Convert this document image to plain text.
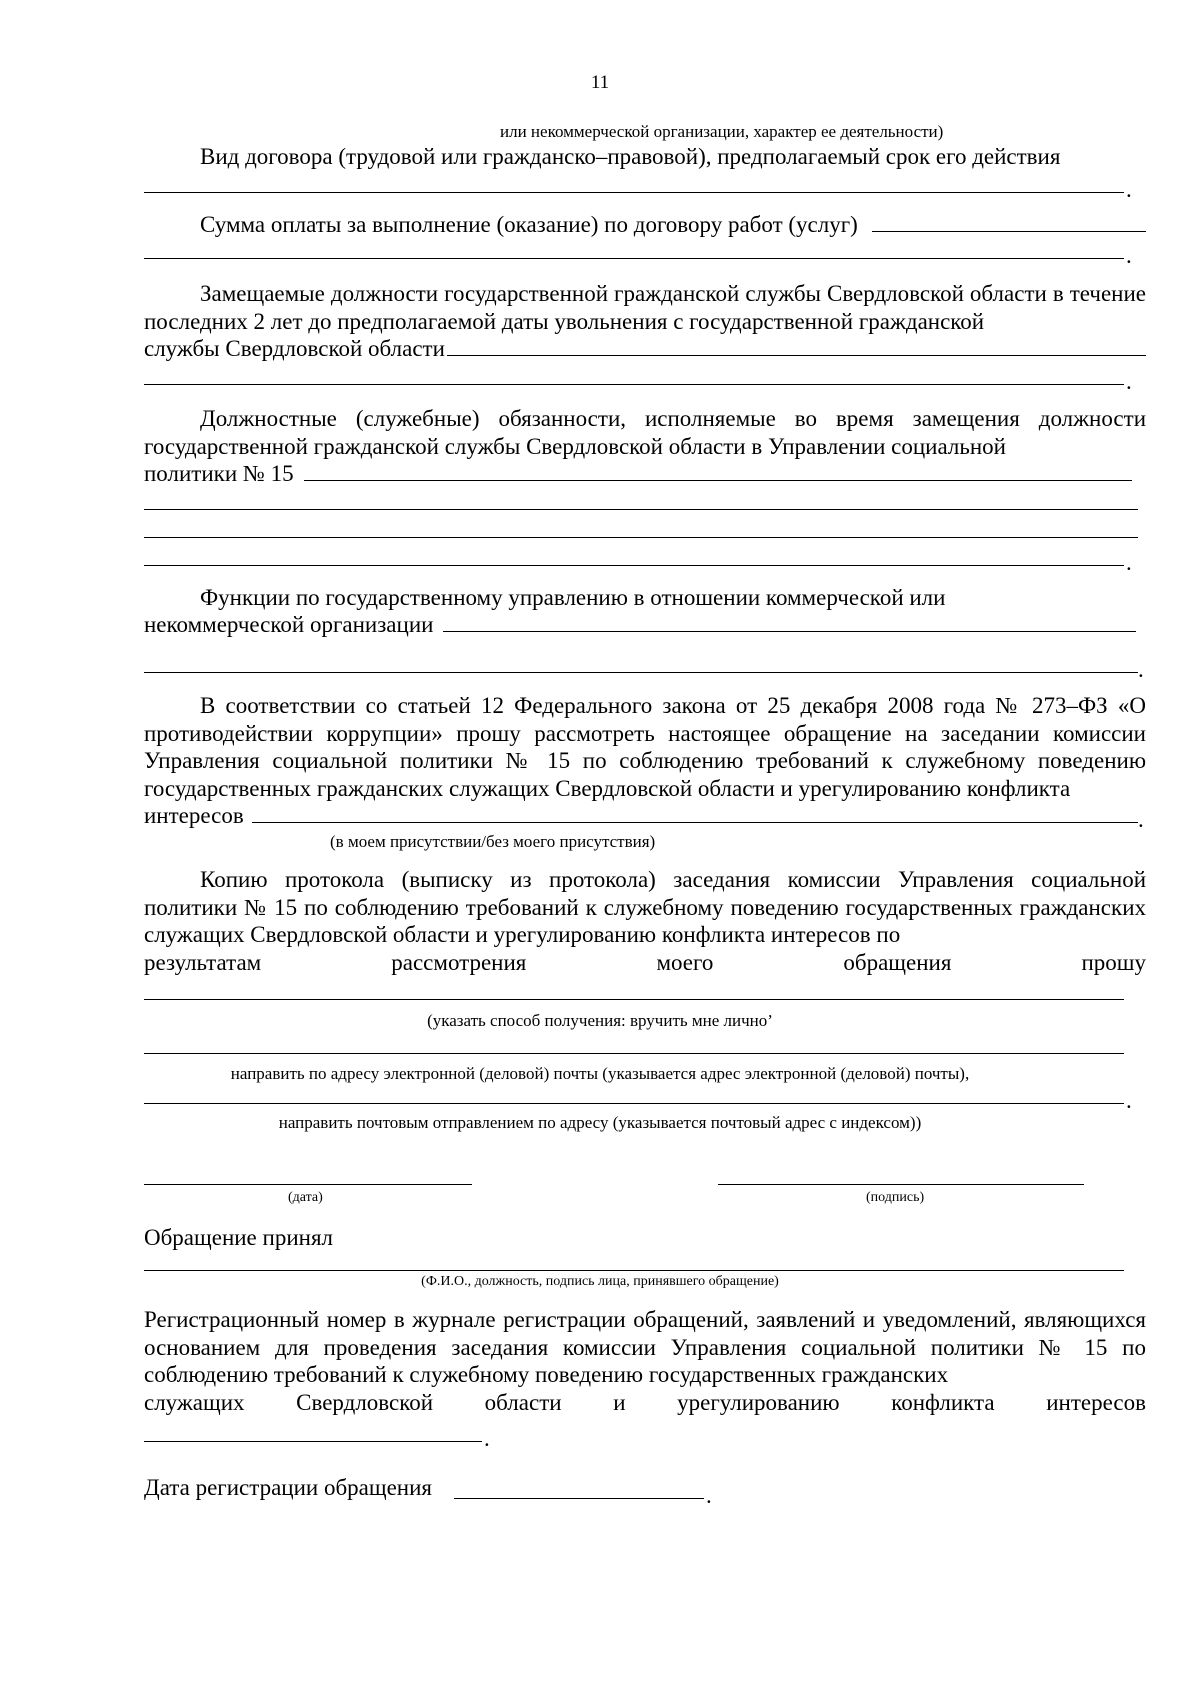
11
или некоммерческой организации, характер ее деятельности)
Вид договора (трудовой или гражданско–правовой), предполагаемый срок его действия
.
Сумма оплаты за выполнение (оказание) по договору работ (услуг)
.
Замещаемые должности государственной гражданской службы Свердловской области в течение последних 2 лет до предполагаемой даты увольнения с государственной гражданской
службы Свердловской области
.
Должностные (служебные) обязанности, исполняемые во время замещения должности государственной гражданской службы Свердловской области в Управлении социальной
политики № 15
.
Функции по государственному управлению в отношении коммерческой или
некоммерческой организации
.
В соответствии со статьей 12 Федерального закона от 25 декабря 2008 года № 273–ФЗ «О противодействии коррупции» прошу рассмотреть настоящее обращение на заседании комиссии Управления социальной политики № 15 по соблюдению требований к служебному поведению государственных гражданских служащих Свердловской области и урегулированию конфликта
интересов	.
(в моем присутствии/без моего присутствия)
Копию протокола (выписку из протокола) заседания комиссии Управления социальной политики № 15 по соблюдению требований к служебному поведению государственных гражданских служащих Свердловской области и урегулированию конфликта интересов по
результатам	рассмотрения	моего	обращения	прошу
(указать способ получения: вручить мне лично’
направить по адресу электронной (деловой) почты (указывается адрес электронной (деловой) почты),
.
направить почтовым отправлением по адресу (указывается почтовый адрес с индексом))
(дата)	(подпись)
Обращение принял
(Ф.И.О., должность, подпись лица, принявшего обращение)
Регистрационный номер в журнале регистрации обращений, заявлений и уведомлений, являющихся основанием для проведения заседания комиссии Управления социальной политики № 15 по соблюдению требований к служебному поведению государственных гражданских
служащих Свердловской области и урегулированию конфликта интересов
.
Дата регистрации обращения	.
